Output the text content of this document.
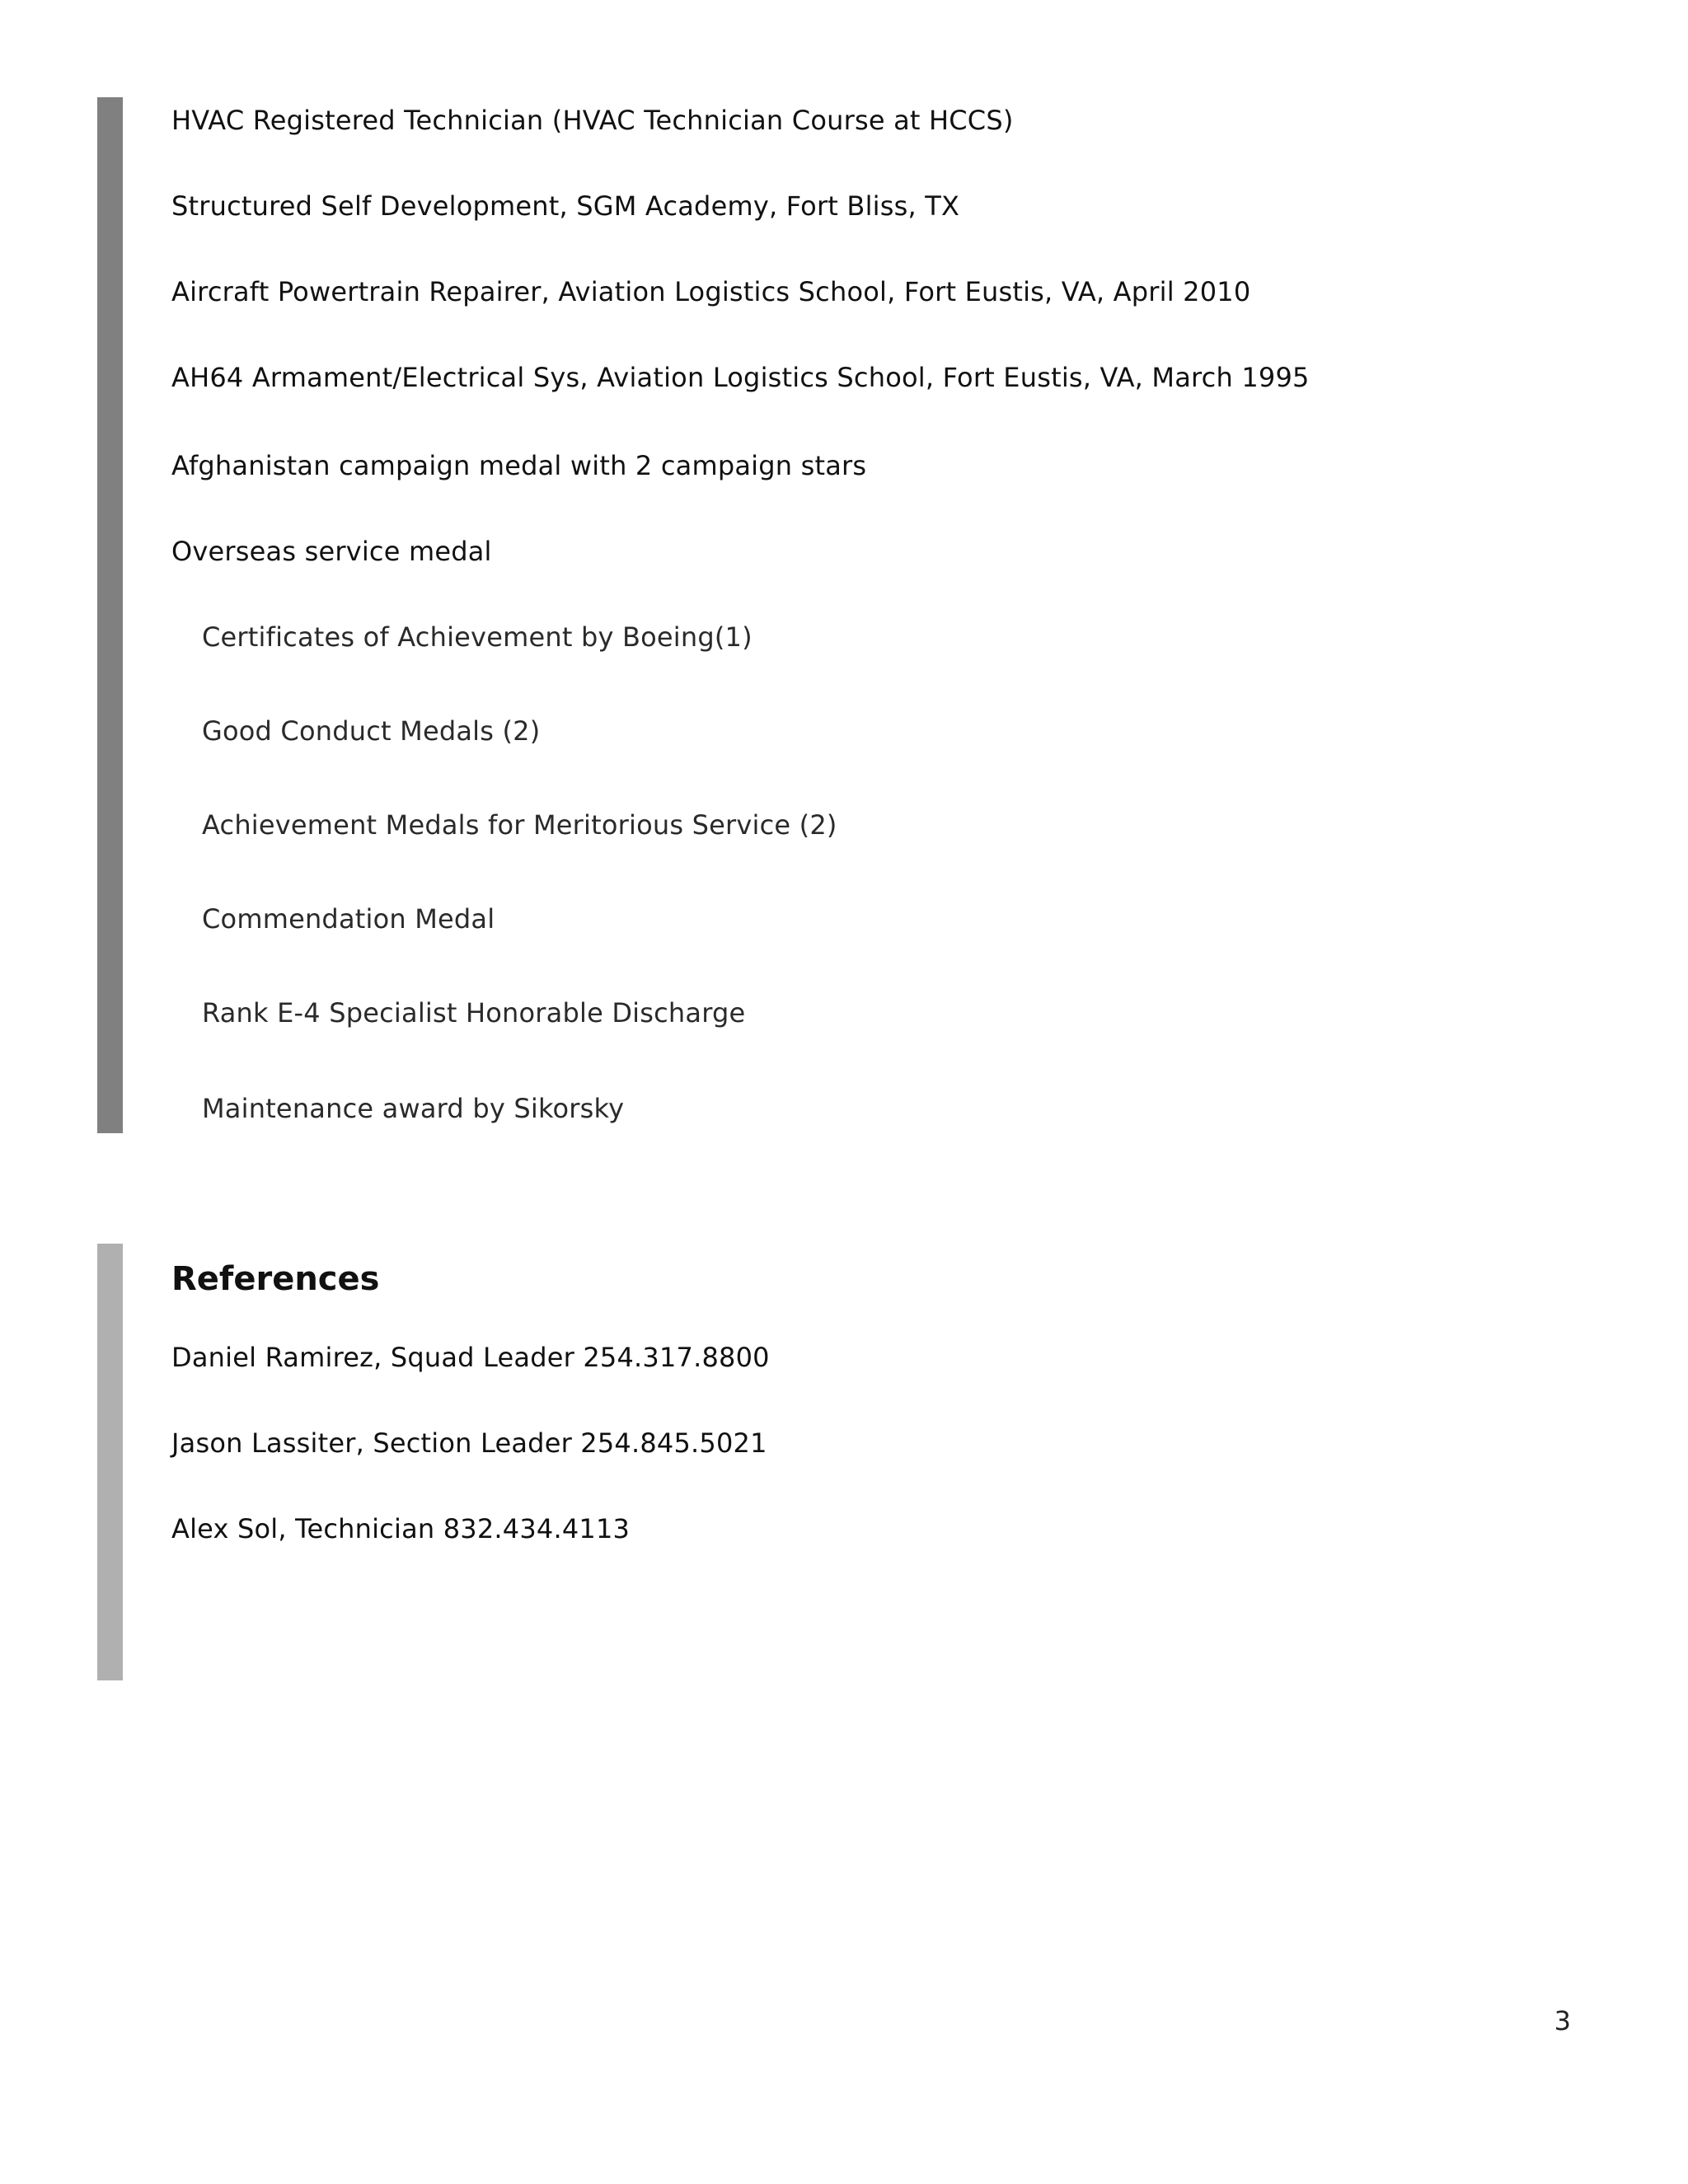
HVAC Registered Technician (HVAC Technician Course at HCCS)
Structured Self Development, SGM Academy, Fort Bliss, TX
Aircraft Powertrain Repairer, Aviation Logistics School, Fort Eustis, VA, April 2010
AH64 Armament/Electrical Sys, Aviation Logistics School, Fort Eustis, VA, March 1995
Afghanistan campaign medal with 2 campaign stars
Overseas service medal
Certificates of Achievement by Boeing(1)
Good Conduct Medals (2)
Achievement Medals for Meritorious Service (2)
Commendation Medal
Rank E-4 Specialist Honorable Discharge
Maintenance award by Sikorsky
References
Daniel Ramirez, Squad Leader 254.317.8800
Jason Lassiter, Section Leader 254.845.5021
Alex Sol, Technician 832.434.4113
3
